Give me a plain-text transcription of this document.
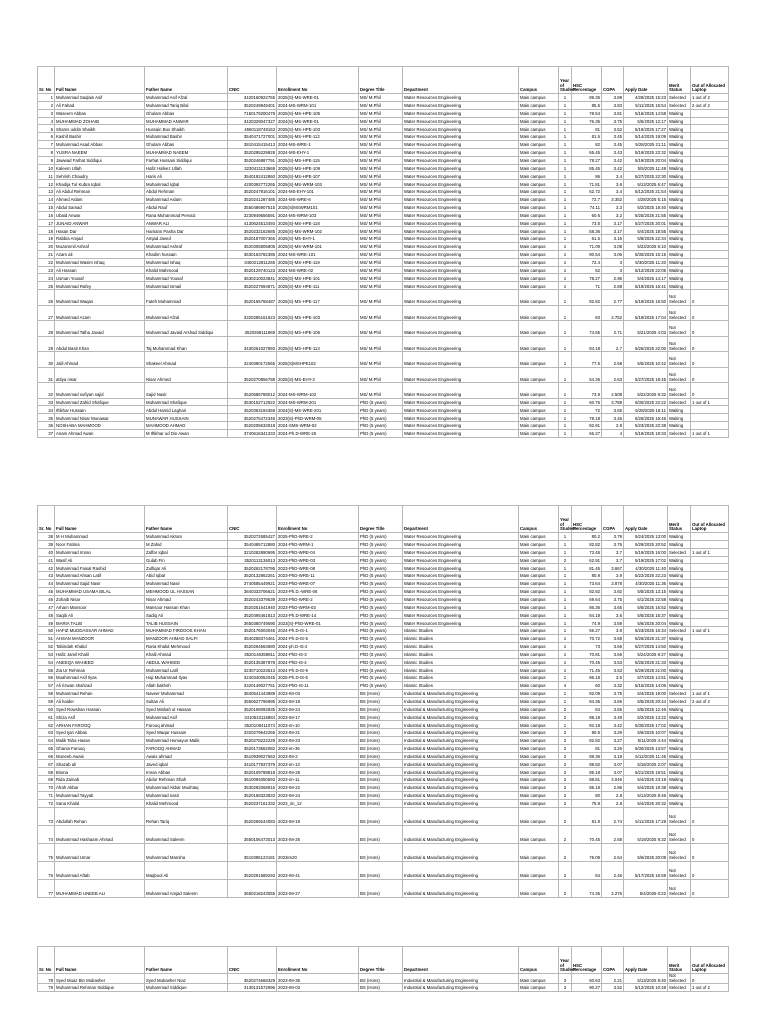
Sr. No	Full Name	Father Name	CNIC	Enrollment No	Degree Title	Department	Campus	Year of Student	HSC Percentage	CGPA	Apply Date	Merit Status	Out of Allocated Laptop
1	Muhammad Saqlain Asif	Muhammad Asif Afzal	3420160922765	2025(S)-MS-WRE-01	MS/ M.Phil	Water Resources Engineering	Main campus	1	89.36	3.89	4/29/2025 15:23	Selected	1 out of 2
2	Ali Fahad	Muhammad Tariq Bilal	3520249849401	2024-MS-WRM-101	MS/ M.Phil	Water Resources Engineering	Main campus	1	85.5	3.83	5/11/2025 15:54	Selected	2 out of 2
3	Waseem Abbas	Ghulam Abbas	7150179200479	2025(S)-MS-HPE-105	MS/ M.Phil	Water Resources Engineering	Main campus	1	78.54	3.81	5/16/2025 14:58	Waiting	
4	MUHAMMAD ZOHAIB	MUHAMMAD ANWAR	3420329047327	2024(S)-MS-WRE-01	MS/ M.Phil	Water Resources Engineering	Main campus	1	76.36	3.75	5/5/2025 12:17	Waiting	
5	Shams uddin Shaikh	Hussain Bux Shaikh	4550118748163	2025(S)-MS-HPE-103	MS/ M.Phil	Water Resources Engineering	Main campus	1	81	3.52	5/19/2025 17:27	Waiting	
6	Kashif Bashir	Muhammad Bashir	3540471727001	2025(S)-MS-HPE-112	MS/ M.Phil	Water Resources Engineering	Main campus	1	81.5	3.45	5/14/2025 19:09	Waiting	
7	Muhammad Asad Abbas	Ghulam Abbas	3810415415413	2024-MS-WRE-1	MS/ M.Phil	Water Resources Engineering	Main campus	1	82	3.45	5/28/2025 21:11	Waiting	
8	YUSRA NAEEM	MUHAMMAD NAEEM	3520295229928	2024-MS-EHY-1	MS/ M.Phil	Water Resources Engineering	Main campus	1	65.45	3.43	5/19/2025 22:32	Waiting	
9	Jawwad Farhat Siddiqui	Farhat Hussain Siddiqui	3520246887791	2025(S)-MS-HPE-115	MS/ M.Phil	Water Resources Engineering	Main campus	1	78.27	3.42	5/19/2025 20:04	Waiting	
10	Kaleem Ullah	Hafiz Hafeez Ullah	3230421133669	2025(S)-MS-HPE-109	MS/ M.Phil	Water Resources Engineering	Main campus	1	85.45	3.42	5/5/2025 11:48	Waiting	
11	Sehrish Chaudry	Haris Ali	3540192412860	2025(S)-MS-HPE-107	MS/ M.Phil	Water Resources Engineering	Main campus	1	86	3.4	5/27/2025 22:30	Waiting	
12	Khadija Tul Kubra Iqbal	Muhammad Iqbal	4200392772265	2025(S)-MS-WRM-103	MS/ M.Phil	Water Resources Engineering	Main campus	1	71.81	3.6	5/13/2025 6:47	Waiting	
13	Ali Abdul Rehman	Abdul Rehman	3520247916101	2024-MS-EHY-101	MS/ M.Phil	Water Resources Engineering	Main campus	1	62.72	3.4	5/12/2025 21:54	Waiting	
14	Ahmed Aslam	Muhammad Aslam	3520241287485	2024-MS-WRE-6	MS/ M.Phil	Water Resources Engineering	Main campus	1	72.7	3.352	4/28/2025 5:15	Waiting	
15	Abdul Samad	Abdul Rauf	3550486907515	2025(S)MSWRM101	MS/ M.Phil	Water Resources Engineering	Main campus	1	74.11	3.3	5/2/2025 18:40	Waiting	
16	Ubaid Anwar	Rana Muhammad Pervaiz	3230949556591	2024-MS-WRM-103	MS/ M.Phil	Water Resources Engineering	Main campus	1	60.6	3.2	5/25/2025 21:55	Waiting	
17	JUNAID ANWAR	ANWAR ALI	4130624513493	2025(S)-MS-HPE-118	MS/ M.Phil	Water Resources Engineering	Main campus	1	73.5	3.17	5/27/2025 20:01	Waiting	
18	Hasan Dar	Hamann Pasha Dar	3520232162685	2025(S)-MS-WRM-102	MS/ M.Phil	Water Resources Engineering	Main campus	1	58.36	3.17	5/4/2025 18:55	Waiting	
19	Rabbia Amjad	Amjad Javed	3520187007366	2025(S)-MS-EHY-1	MS/ M.Phil	Water Resources Engineering	Main campus	1	61.5	3.15	5/8/2025 22:34	Waiting	
20	Muzammil Ashraf	Muhammad Ashraf	3520305805805	2025(S)-MS-WRM-101	MS/ M.Phil	Water Resources Engineering	Main campus	1	71.09	3.08	5/23/2025 6:10	Waiting	
21	Azam ali	Khadim hussain	3630163782385	2024-MS-WRE-101	MS/ M.Phil	Water Resources Engineering	Main campus	1	80.54	3.06	5/30/2025 15:15	Waiting	
22	Muhammad Wasim Ishaq	Muhammad Ishaq	3450212811265	2025(S)-MS-HPE-119	MS/ M.Phil	Water Resources Engineering	Main campus	1	72.4	3	5/30/2025 11:20	Waiting	
23	Ali Hassan	Khalid Mahmood	3520129740123	2024-MS-WRE-02	MS/ M.Phil	Water Resources Engineering	Main campus	1	62	3	5/12/2025 22:05	Waiting	
24	Usman Yousaf	Muhammad Yousaf	3630210023841	2025(S)-MS-HPE-101	MS/ M.Phil	Water Resources Engineering	Main campus	1	78.27	2.96	5/4/2025 14:17	Waiting	
25	Muhammad Rafey	Muhammad Ismail	3520227694871	2025(S)-MS-HPE-111	MS/ M.Phil	Water Resources Engineering	Main campus	1	71	2.88	5/19/2025 16:41	Waiting	
26	Muhammad Waqas	Fateh Muhammad	3520165768487	2025(S)-MS-HPE-117	MS/ M.Phil	Water Resources Engineering	Main campus	1	82.82	2.77	5/19/2025 16:50	Not Selected	0
27	Muhammad Azam	Muhammad Afzal	3320285161623	2025(S)-MS-HPE-103	MS/ M.Phil	Water Resources Engineering	Main campus	1	83	2.752	5/19/2025 17:04	Not Selected	0
28	Muhammad Talha Javaid	Muhammad Javaid Arshad Siddiqui	3520268111869	2025(S)-MS-HPE-106	MS/ M.Phil	Water Resources Engineering	Main campus	1	74.55	2.71	5/21/2025 4:03	Not Selected	0
29	Abdul Basit Khan	Taj Muhammad Khan	3430261027893	2025(S)-MS-HPE-113	MS/ M.Phil	Water Resources Engineering	Main campus	1	84.18	2.7	5/26/2025 22:00	Not Selected	0
30	Jalil Ahmad	Shakeel Ahmad	3240390172565	2025(S)MSHPE102	MS/ M.Phil	Water Resources Engineering	Main campus	1	77.5	2.68	5/5/2025 10:42	Not Selected	0
31	attiya nisar	Nisar Ahmed	3520270856788	2025(S)-MS-EHY-2	MS/ M.Phil	Water Resources Engineering	Main campus	1	54.36	2.63	5/27/2025 18:45	Not Selected	0
32	Muhammad sufiyan sajid	Sajid Nasir	3520686788012	2024-MS-WRM-102	MS/ M.Phil	Water Resources Engineering	Main campus	1	73.9	2.508	5/22/2025 9:32	Not Selected	0
33	Muhammad Zahid Shafique	Muhammad Shafique	3530152712922	2024-MS-WRM-201	PhD (5 years)	Water Resources Engineering	Main campus	1	60.76	3.789	5/30/2025 22:22	Selected	1 out of 1
34	Iftikhar Hussain	Abdul Hamid Laghari	4520363194359	2024(S)-MS-WRE-201	PhD (5 years)	Water Resources Engineering	Main campus	1	72	3.65	5/28/2025 16:11	Waiting	
35	Muhammad Nisar Munawar	MUNAWAR HUSSAIN	3520275472346	2023(S)-PhD-WRM-05	PhD (5 years)	Water Resources Engineering	Main campus	1	78.18	3.46	5/26/2025 15:46	Waiting	
36	NOSHABA MAHMOOD	MAHMOOD AHMAD	3520205632818	2024-SMS-WRM-02	PhD (5 years)	Water Resources Engineering	Main campus	1	82.91	2.9	5/23/2025 22:38	Waiting	
37	Anam Ahmad Awan	M Iftikhar ud Din Awan	3740616341333	2024-Ph.D-WRE-26	PhD (5 years)	Water Resources Engineering	Main campus	1	66.27	4	5/19/2025 18:33	Selected	1 out of 1
Sr. No	Full Name	Father Name	CNIC	Enrollment No	Degree Title	Department	Campus	Year of Student	HSC Percentage	CGPA	Apply Date	Merit Status	Out of Allocated Laptop
38	M H Muhammad	Muhammad Akram	3520272685427	2025-PhD-WRE-2	PhD (5 years)	Water Resources Engineering	Main campus	1	80.2	3.79	5/24/2025 13:00	Waiting	
39	Noor Fatima	M Zahid	3540485712880	2024-PhD-WRM-1	PhD (5 years)	Water Resources Engineering	Main campus	1	82.82	3.76	5/29/2025 20:52	Waiting	
40	Muhammad Imran	Zaffar Iqbal	3210282890695	2023-PhD-WRE-04	PhD (5 years)	Water Resources Engineering	Main campus	1	73.45	3.7	5/19/2025 16:00	Selected	1 out of 1
41	Wasif Ali	Gulab Fin	3520113136013	2023-PhD-WRE-03	PhD (5 years)	Water Resources Engineering	Main campus	2	62.91	3.7	5/19/2025 17:02	Waiting	
42	Muhammad Faisal Rashid	Zulfiqar Ali	3520262178795	2023-PhD-WRE-08	PhD (5 years)	Water Resources Engineering	Main campus	1	81.45	3.667	4/30/2025 11:40	Waiting	
43	Muhammad Ahsan Latif	Abid Iqbal	3520132862261	2023-PhD-WRE-11	PhD (5 years)	Water Resources Engineering	Main campus	1	80.9	3.9	5/22/2025 22:23	Waiting	
44	Muhammad Sajid Nasir	Muhammad Nasir	3740585449921	2023-PhD-WRE-07	PhD (5 years)	Water Resources Engineering	Main campus	1	73.64	3.878	4/30/2025 11:36	Waiting	
45	MUHAMMAD USAMA BILAL	MEHMOOD UL HASSAN	3840333706621	2023-Ph.D.-WRE-06	PhD (5 years)	Water Resources Engineering	Main campus	1	82.82	3.82	5/5/2025 13:15	Waiting	
46	Zohaib Nisar	Nisar Ahmad	3520243379539	2023-PhD-WRE-2	PhD (5 years)	Water Resources Engineering	Main campus	1	69.64	3.75	6/1/2025 22:58	Waiting	
47	Arham Mansoor	Mansoor Hassan Khan	3520251641940	2023-PhD-WRM-03	PhD (5 years)	Water Resources Engineering	Main campus	1	86.36	3.65	5/5/2025 16:52	Waiting	
48	Saqib Ali	Sadiq Ali	3520495461813	2023-Ph.D-WRE-14	PhD (5 years)	Water Resources Engineering	Main campus	1	84.18	3.6	5/5/2025 16:37	Waiting	
49	MARIA TALIB	TALIB HUSSAIN	3650380749590	2023(S)-PhD-WRE-01	PhD (5 years)	Water Resources Engineering	Main campus	1	74.9	3.59	5/6/2025 20:04	Waiting	
50	HAFIZ MUDDASSAR AHMAD	MUHAMMAD FIRDOOS KHAN	3520176003046	2024-Ph.D-IS-1	PhD (5 years)	Islamic Studies	Main campus	1	56.27	3.9	5/23/2025 16:34	Selected	1 out of 1
51	AHSAN MANZOOR	MANZOOR AHMAD SALFI	3540258374461	2024-Ph.D-IS-5	PhD (5 years)	Islamic Studies	Main campus	1	70.72	3.68	5/26/2025 21:37	Waiting	
52	Tabindah Khalid	Rana Khalid Mehmood	3520264563680	2024-ph.D-IS-2	PhD (5 years)	Islamic Studies	Main campus	1	73	3.66	5/27/2025 14:50	Waiting	
53	Hafiz Jamil Khalil	Khalil Ahmad	3520146359811	2024-PhD-IS-3	PhD (5 years)	Islamic Studies	Main campus	1	70.81	3.66	5/24/2025 8:27	Waiting	
54	ANEEQA WAHEED	ABDUL WAHEED	3520135387878	2024-PhD-IS-4	PhD (5 years)	Islamic Studies	Main campus	1	70.45	3.53	5/25/2025 21:33	Waiting	
55	Zia Ur Rehman	Muhammad Latif	3230710223613	2024-Ph.D-IS-9	PhD (5 years)	Islamic Studies	Main campus	1	71.45	3.53	5/29/2025 21:00	Waiting	
56	Muahmmad Asif Ilyas	Haji Muhammad Ilyas	3240340052045	2025-Ph.D-IS-5	PhD (5 years)	Islamic Studies	Main campus	1	86.18	3.5	5/7/2025 14:51	Waiting	
57	Ali rizwan shahzad	Allah bakhsh	3320149027751	2023-PhD-IS-11	PhD (5 years)	Islamic Studies	Main campus	4	60	3.32	5/15/2025 14:06	Waiting	
58	Muhammad Rehan	Naveer Muhammad	3840541443889	2023-IM-03	BS (Hons)	Industrial & Manufacturing Engineering	Main campus	1	82.09	3.75	5/4/2025 19:00	Selected	1 out of 1
59	Ali haider	Sultan Ali	3550627796995	2023-IM-19	BS (Hons)	Industrial & Manufacturing Engineering	Main campus	1	84.36	3.66	5/5/2025 20:44	Selected	2 out of 2
60	Syed Rowshan Hassan	Syed Misbah ul Hassan	3520158092835	2023-IM-24	BS (Hons)	Industrial & Manufacturing Engineering	Main campus	2	84	3.65	5/5/2025 12:46	Waiting	
61	Shiza Asif	Muhammad Asif	3410543115884	2023-IM-17	BS (Hons)	Industrial & Manufacturing Engineering	Main campus	2	88.18	3.49	5/2/2025 13:22	Waiting	
62	ARHAN FAROOQ	Farooq ahmad	3520108411074	2023-im-10	BS (Hons)	Industrial & Manufacturing Engineering	Main campus	1	82.18	3.42	5/30/2025 17:02	Waiting	
63	Syed Ijan Abbas	Syed Waqar Hussain	3320279642265	2023-IM-21	BS (Hons)	Industrial & Manufacturing Engineering	Main campus	2	80.5	3.29	5/6/2025 10:07	Waiting	
64	Malik Taha Hasan	Muhammad Humayun Malik	3520278222229	2023-IM-23	BS (Hons)	Industrial & Manufacturing Engineering	Main campus	2	82.82	3.27	5/11/2025 4:44	Waiting	
65	Ghania Farooq	FAROOQ AHMAD	3520173562082	2023-im-36	BS (Hons)	Industrial & Manufacturing Engineering	Main campus	2	81	3.26	5/30/2025 13:57	Waiting	
66	Muneeb Awais	Awais ahmad	3510939027563	2023-IM-2	BS (Hons)	Industrial & Manufacturing Engineering	Main campus	2	88.36	3.19	5/12/2025 11:45	Waiting	
67	Shazab ali	Javed iqbal	3410177837379	2023-im-13	BS (Hons)	Industrial & Manufacturing Engineering	Main campus	2	88.82	3.07	5/18/2025 2:07	Waiting	
68	Bisma	Imran Abbas	3520109788818	2023-IM-28	BS (Hons)	Industrial & Manufacturing Engineering	Main campus	2	85.18	3.07	5/21/2025 19:51	Waiting	
69	Rida Zainab	Abdur Rehman Shah	3610094050593	2023-im-11	BS (Hons)	Industrial & Manufacturing Engineering	Main campus	2	88.81	3.046	5/4/2025 23:19	Waiting	
70	Afrah Akbar	Muhammad Akbar Mushtaq	3530282068916	2023-IM-22	BS (Hons)	Industrial & Manufacturing Engineering	Main campus	2	85.18	2.86	5/4/2025 18:38	Waiting	
71	Muhammad Tayyab	Muhammad nasir	3520158323833	2023-IM-24	BS (Hons)	Industrial & Manufacturing Engineering	Main campus	2	80	2.8	5/13/2025 8:46	Waiting	
72	Sana Khalid	Khalid Mehmood	3520237161332	2023_im_12	BS (Hons)	Industrial & Manufacturing Engineering	Main campus	2	75.9	2.8	5/4/2025 20:32	Waiting	
73	Abdullah Rehan	Rehan Tariq	3520269244083	2023-IM-19	BS (Hons)	Industrial & Manufacturing Engineering	Main campus	2	81.9	2.74	5/11/2025 17:29	Not Selected	0
74	Muhammad Hashaam Ahmad	Muhammad Saleem	3550106473013	2023-IM-25	BS (Hons)	Industrial & Manufacturing Engineering	Main campus	2	70.45	2.68	5/19/2025 9:32	Not Selected	0
75	Muhammad Umar	Muhammad Mansha	3510385123181	2023im20	BS (Hons)	Industrial & Manufacturing Engineering	Main campus	2	75.09	2.64	5/6/2025 20:09	Not Selected	0
76	Muhammad Aftab	Maqbool Ali	3520291589293	2023-IM-41	BS (Hons)	Industrial & Manufacturing Engineering	Main campus	2	84	2.46	5/17/2025 16:59	Not Selected	0
77	MUHAMMAD UNEEB ALI	Muhammad Amjad Saleem	3650218243055	2023-IM-27	BS (Hons)	Industrial & Manufacturing Engineering	Main campus	2	74.36	2.276	5/4/2025 0:22	Not Selected	0
Sr. No	Full Name	Father Name	CNIC	Enrollment No	Degree Title	Department	Campus	Year of Student	HSC Percentage	CGPA	Apply Date	Merit Status	Out of Allocated Laptop
78	Syed Muaz Bin Mubasher	Syed Mubasher Niaz	3520274668329	2023-IM-36	BS (Hons)	Industrial & Manufacturing Engineering	Main campus	3	60.63	2.21	5/13/2025 8:40	Not Selected	0
79	Muhammad Rehman Siddique	Muhammad Siddique	3130131572996	2023-IM-03	BS (Hons)	Industrial & Manufacturing Engineering	Main campus	3	90.27	3.52	5/12/2025 10:48	Selected	1 out of 2
